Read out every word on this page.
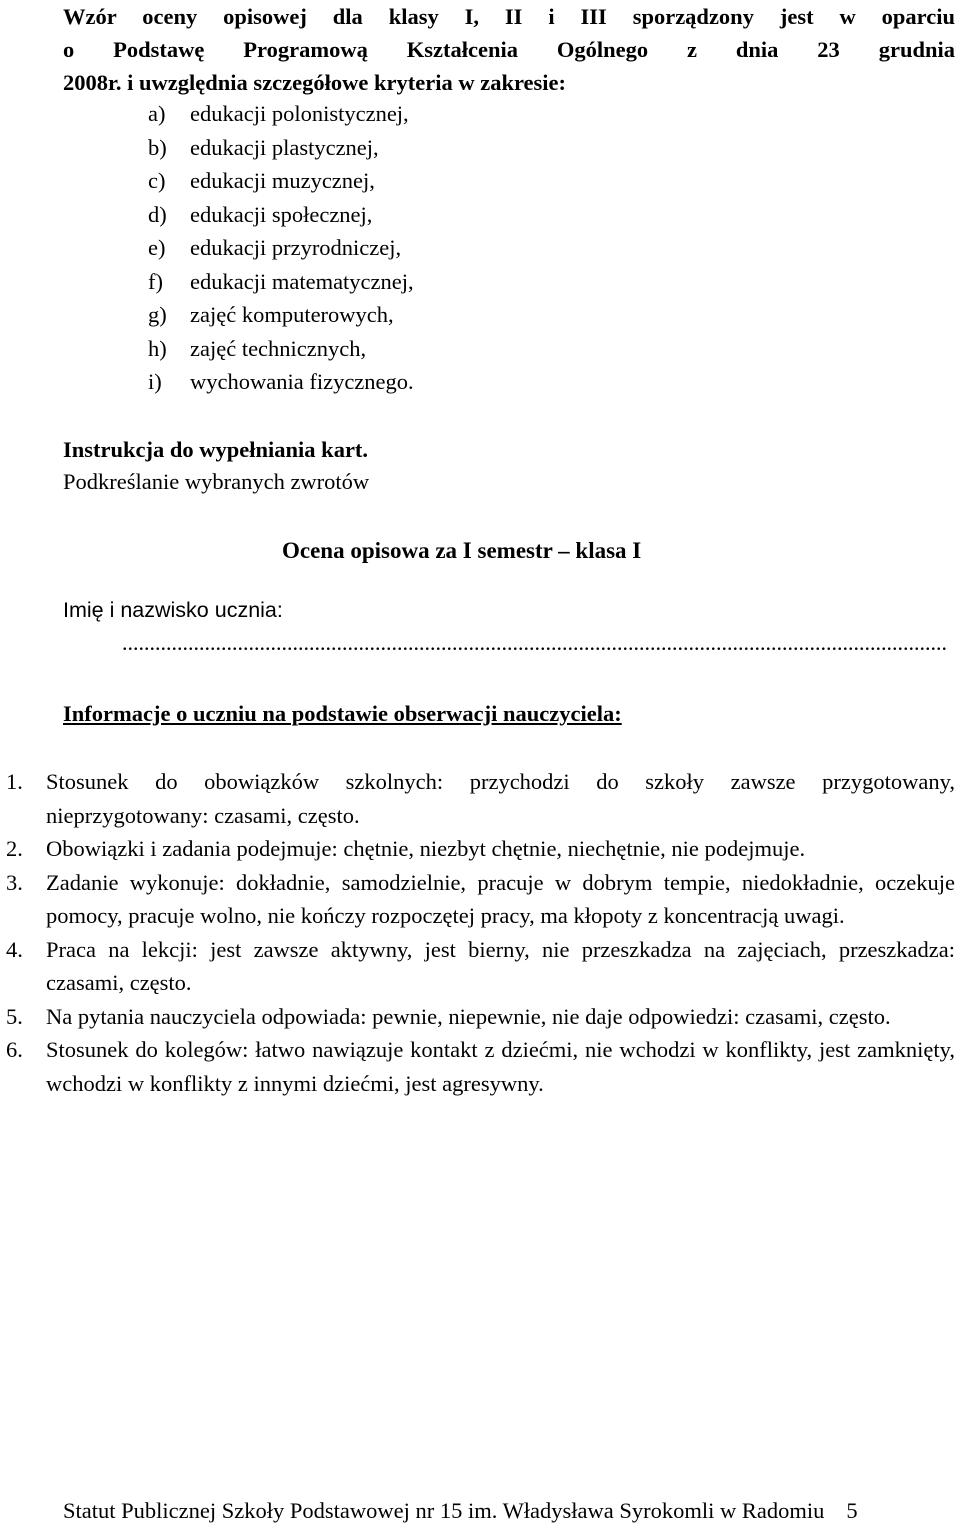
Wzór oceny opisowej dla klasy I, II i III sporządzony jest w oparciu
o Podstawę Programową Kształcenia Ogólnego z dnia 23 grudnia
2008r. i uwzględnia szczegółowe kryteria w zakresie:
a) edukacji polonistycznej,
b) edukacji plastycznej,
c) edukacji muzycznej,
d) edukacji społecznej,
e) edukacji przyrodniczej,
f) edukacji matematycznej,
g) zajęć komputerowych,
h) zajęć technicznych,
i) wychowania fizycznego.
Instrukcja do wypełniania kart.
Podkreślanie wybranych zwrotów
Ocena opisowa za I semestr – klasa I
Imię i nazwisko ucznia:
......................................................................................................................................................
Informacje o uczniu na podstawie obserwacji nauczyciela:
1. Stosunek do obowiązków szkolnych: przychodzi do szkoły zawsze przygotowany, nieprzygotowany: czasami, często.
2. Obowiązki i zadania podejmuje: chętnie, niezbyt chętnie, niechętnie, nie podejmuje.
3. Zadanie wykonuje: dokładnie, samodzielnie, pracuje w dobrym tempie, niedokładnie, oczekuje pomocy, pracuje wolno, nie kończy rozpoczętej pracy, ma kłopoty z koncentracją uwagi.
4. Praca na lekcji: jest zawsze aktywny, jest bierny, nie przeszkadza na zajęciach, przeszkadza: czasami, często.
5. Na pytania nauczyciela odpowiada: pewnie, niepewnie, nie daje odpowiedzi: czasami, często.
6. Stosunek do kolegów: łatwo nawiązuje kontakt z dziećmi, nie wchodzi w konflikty, jest zamknięty, wchodzi w konflikty z innymi dziećmi, jest agresywny.
Statut Publicznej Szkoły Podstawowej nr 15 im. Władysława Syrokomli w Radomiu 5
